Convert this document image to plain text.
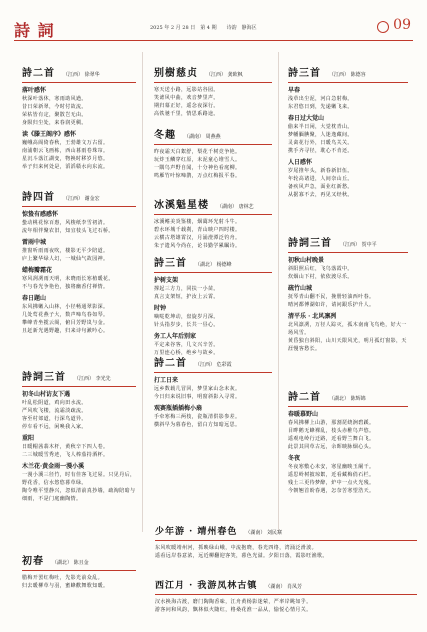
詩 詞	2025 年 2 月 28 日　第 4 期　　诗韵　静海区	09
詩二首 （江西） 徐翠华
落叶感怀
秋深叶落休，寒雨助风遒。
昔日荣新翠，今时付故流。
荣枯皆有定，聚散岂无由。
身陨归尘处，来春润更稠。
读《滕王阁序》感怀
巍峨高阁倚春秋，王勃雄文万古留。
南浦朝云飞画栋，西山暮雨卷珠帘。
星沉斗落江湖变，物换时移岁月悠。
举子归来何处是，滔滔赣水向东流。
詩四首 （江西） 谢金宏
惊蛰有感感怀
蛰动桃花惊百惠，风梭纸李雪初清。
流年相伴聚农旧，知宜枝头飞过石桥。
雷雨中城
推窗听雨雨夜吹，楼影无平少陪道。
庐上繁华绿人幻，一城仙气故园神。
蜡梅瓣霜花
寒风冽冽雨天明，未晓雨长寒植暖花。
不与春光争艳色，独将幽香付禅情。
春日题山
东风拂嫩入山林，小径畅通翠影深。
几处莺花燕子大，数声啼鸟春如琴。
攀峰青坐揽云阁，俯目芳野岚与金。
且赶新光遇野趣，归来诗句漱吟心。
詩詞三首 （江西） 李光先
初冬山村访友下遇
叶乱松阴道，鸡向田水流。
严风吹飞楼，流霜淡疏流。
客至村郊道，行深鸟道异。
停车看不远，闲唤我入家。
重阳
日暖帽茜翡木杆，黄秋辛下四人卷。
二三城暖雪秀迹，飞人棒茄持酒杯。
木兰花·黄金雨一漫小溪
一漫小溪三径竹，时有佳客飞过屋。只见丹后，野花香，信水悠悠暮草绿。
陶令唯平望静兴，忽似清前真抄墙，疏淘陪暗与细雨，不是门庭幽陶情。
初春 （湖北） 陈且金
腊梅开罢红梅吐，先影光前众乱。
归去暖柳草与羽，蜜蜂歡舞歌知暖。
别樹慈贞 （江西） 龚欧枫
寒天送小路，远影站谷园。
笑谑风中曲，欢音梦里声。
期归幕正好，遥念夜深行。
高铁驰千里，情思系路途。
冬趣 （湖南） 周燕燕
昨夜霜天白絮舒，梨花千树竞争艳。
玩炸玉鳞穿红原，未泥童心堆雪人。
一隅鸟声野自闻，十分神色看庭柳。
鸣雁竹叶惊啼鹊，万点红梅报平春。
冰溪魁星楼 （湖南） 唐林艺
冰溪鳍美炎鉴楼，烟霭环光射斗牛。
碧水环城千载刹，青山映户四时楼。
云横古塔雄霄汉，月涌澄潭泛钓舟。
朱子遗风今尚在，论书勤学累瞩诗。
詩三首 （湖北） 杨德峰
护树支架
撑起三方力，同扶一小苗。
真言支架短，护汝上云霄。
时钟
嘀哒乾坤动，盘旋岁月深。
针头指岁步，长共一昼心。
务工人年后别家
平定来谷客，几文兴辛苦。
万里连心桥，绝乡与故乡。
詩二首 （江西） 危彩霞
打工日来
远乡数载几冒回，梦里家山念未灰。
今日归来说旧事，明窗斜影入寻常。
观赛瓶插插梅小扇
手牵寒梅三两枝，瓷瓶清供影参差。
横斜早为暮春色，留白方知暗远思。
詩三首 （江西） 陈德容
早春
浅草出尘泥，河白急射梅。
东君悠日到，先递嫩飞来。
春日过大觉山
偷来半日闲，大觉枕青山。
梦幡腼腆聚，人迷逸藏间。
灵禽花行外，日暖鸟关关。
携手齐寻径，耽心不肯还。
人日感怀
岁尾推年头，新春新旧伍。
年轮高诸进，人间奈山丘。
备疾风声急，面业红新愁。
从据寡不去，再见又经秋。
詩詞三首 （江西） 贺中平
初秋山村晚景
斜阳照后红，飞鸟落霞中。
炊烟山下村，依依渡尽乐。
疏竹山城
抚琴青山翻不民，挽册轻油西叶春。
晴河都傅湖如许，请问跟乐护升人。
清平乐 · 北风凛冽
北风凛冽，万径人踪灭，孤木南南飞鸟绝，好大一场风雪。
黄昏独自斜阳，山川天限风光，明月孤灯窗影，天涯慢客愁长。
詩二首 （湖北） 陈辉锦
春暖慕野山
春风拂柳上山游，那割琵绕涧碧蹊。
目畔鹅无蜂裸乱，枝头赤稚鸟声悠。
遥观电岭行迁路，近看野兰舞白飞。
此景其同草古远，余晖映脉烟心头。
冬夜
冬夜寒敷心未安，寒星幽映玉阑干。
遥思岭树披琼絮，近看藏梅俏石栏。
残土三更待梦醉，炉中一点火光残。
今朝翘首盼春遇，怎奈苦寒望浩天。
少年游 · 靖州春色 （湖南） 刘民寨
东风吹暖靖州河，抓映绿山峨，中流抱晓，春光四络，湾涌泛滑波。
遥看远岸春意浓，远近柳翻迎客笑，暮色光溢。夕阳日落，霞影旺渔歌。
西江月 · 我游凤林古镇 （湖南） 肖凤芳
汉水换海古渡，磨门陶陶香味，江舟黄杨影迷萦，严率岸眺如乎。
游客问和风韵，飘林似火随红，格桑花淮一品从，愉悦心情月关。
